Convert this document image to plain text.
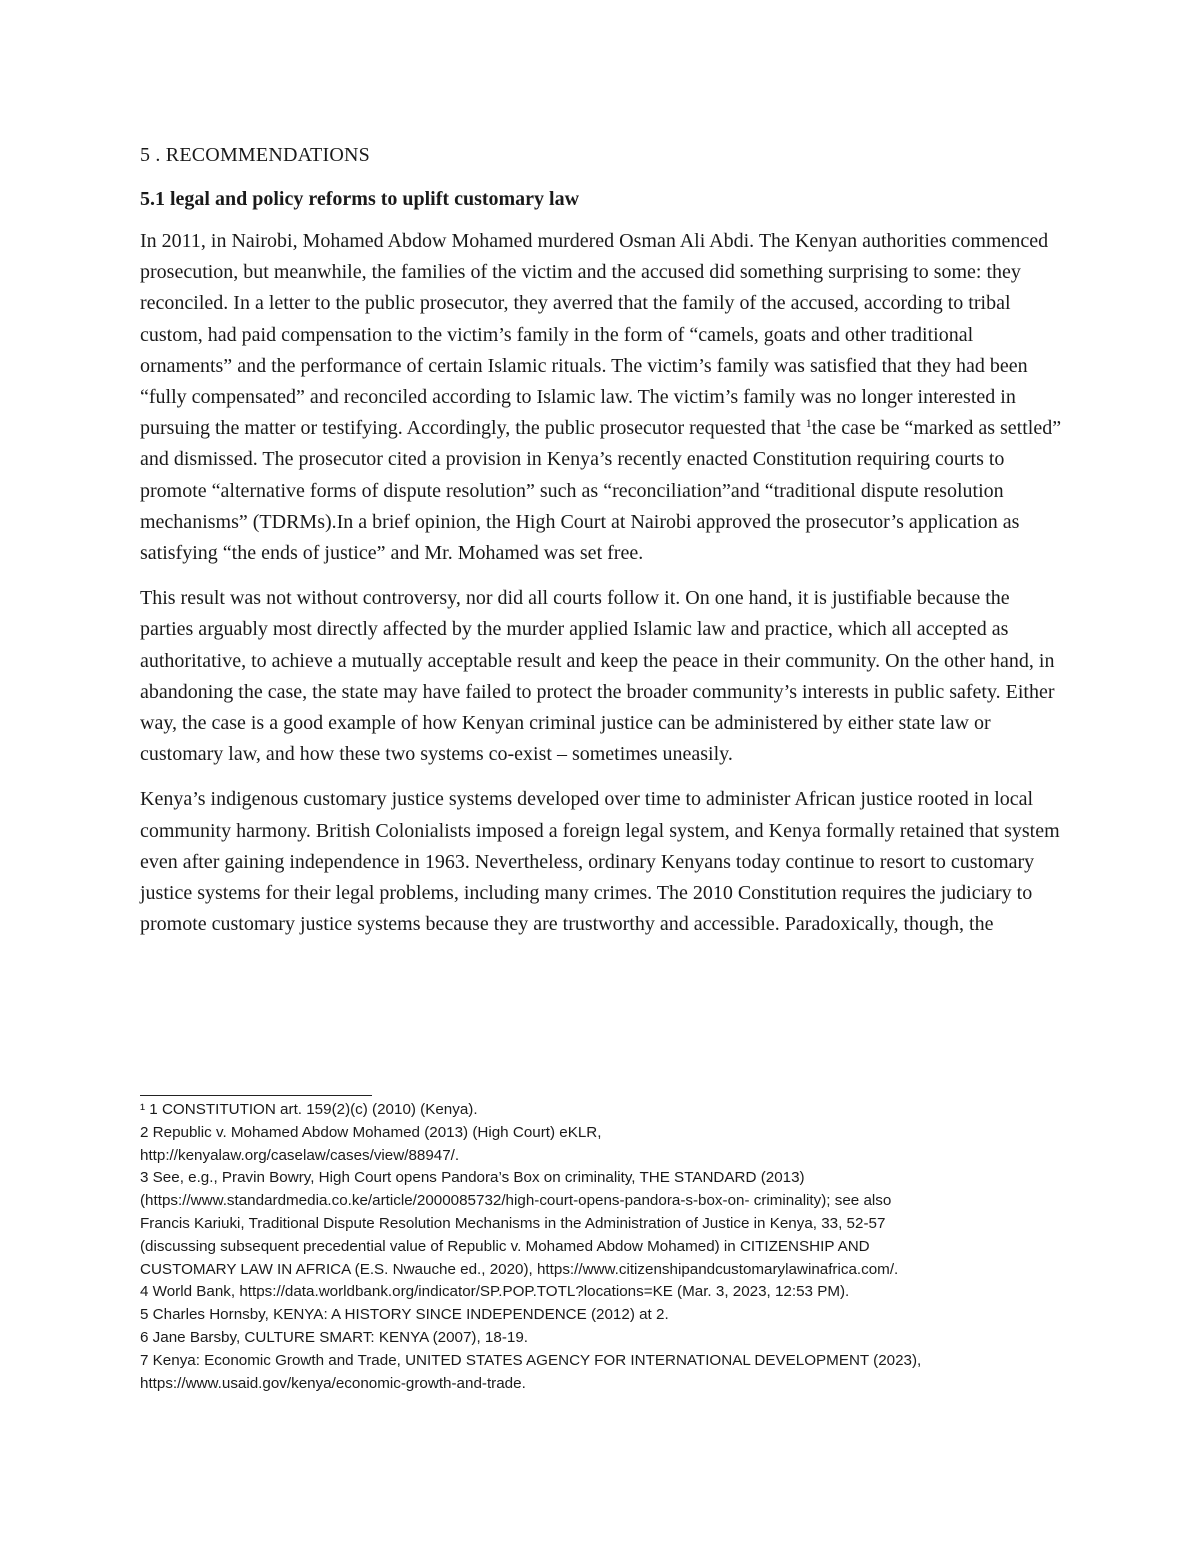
5 . RECOMMENDATIONS
5.1 legal and policy reforms to uplift customary law

In 2011, in Nairobi, Mohamed Abdow Mohamed murdered Osman Ali Abdi. The Kenyan authorities commenced prosecution, but meanwhile, the families of the victim and the accused did something surprising to some: they reconciled. In a letter to the public prosecutor, they averred that the family of the accused, according to tribal custom, had paid compensation to the victim’s family in the form of “camels, goats and other traditional ornaments” and the performance of certain Islamic rituals. The victim’s family was satisfied that they had been “fully compensated” and reconciled according to Islamic law. The victim’s family was no longer interested in pursuing the matter or testifying. Accordingly, the public prosecutor requested that $^1$the case be “marked as settled” and dismissed. The prosecutor cited a provision in Kenya’s recently enacted Constitution requiring courts to promote “alternative forms of dispute resolution” such as “reconciliation”and “traditional dispute resolution mechanisms” (TDRMs).In a brief opinion, the High Court at Nairobi approved the prosecutor’s application as satisfying “the ends of justice” and Mr. Mohamed was set free.

This result was not without controversy, nor did all courts follow it. On one hand, it is justifiable because the parties arguably most directly affected by the murder applied Islamic law and practice, which all accepted as authoritative, to achieve a mutually acceptable result and keep the peace in their community. On the other hand, in abandoning the case, the state may have failed to protect the broader community’s interests in public safety. Either way, the case is a good example of how Kenyan criminal justice can be administered by either state law or customary law, and how these two systems co-exist – sometimes uneasily.

Kenya’s indigenous customary justice systems developed over time to administer African justice rooted in local community harmony. British Colonialists imposed a foreign legal system, and Kenya formally retained that system even after gaining independence in 1963. Nevertheless, ordinary Kenyans today continue to resort to customary justice systems for their legal problems, including many crimes. The 2010 Constitution requires the judiciary to promote customary justice systems because they are trustworthy and accessible. Paradoxically, though, the

¹ 1 CONSTITUTION art. 159(2)(c) (2010) (Kenya).
2 Republic v. Mohamed Abdow Mohamed (2013) (High Court) eKLR,
http://kenyalaw.org/caselaw/cases/view/88947/.
3 See, e.g., Pravin Bowry, High Court opens Pandora’s Box on criminality, THE STANDARD (2013)
(https://www.standardmedia.co.ke/article/2000085732/high-court-opens-pandora-s-box-on- criminality); see also
Francis Kariuki, Traditional Dispute Resolution Mechanisms in the Administration of Justice in Kenya, 33, 52-57
(discussing subsequent precedential value of Republic v. Mohamed Abdow Mohamed) in CITIZENSHIP AND
CUSTOMARY LAW IN AFRICA (E.S. Nwauche ed., 2020), https://www.citizenshipandcustomarylawinafrica.com/.
4 World Bank, https://data.worldbank.org/indicator/SP.POP.TOTL?locations=KE (Mar. 3, 2023, 12:53 PM).
5 Charles Hornsby, KENYA: A HISTORY SINCE INDEPENDENCE (2012) at 2.
6 Jane Barsby, CULTURE SMART: KENYA (2007), 18-19.
7 Kenya: Economic Growth and Trade, UNITED STATES AGENCY FOR INTERNATIONAL DEVELOPMENT (2023),
https://www.usaid.gov/kenya/economic-growth-and-trade.
